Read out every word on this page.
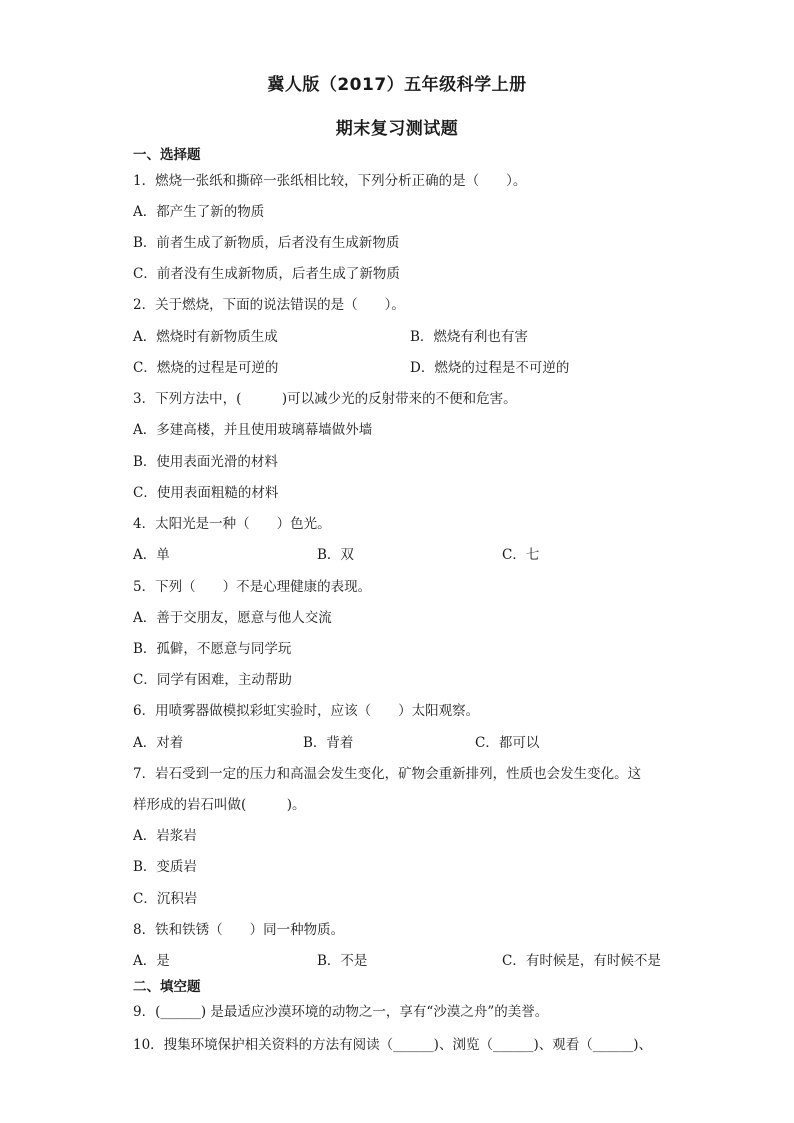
冀人版（2017）五年级科学上册
期末复习测试题
一、选择题
1．燃烧一张纸和撕碎一张纸相比较，下列分析正确的是（　　）。
A．都产生了新的物质
B．前者生成了新物质，后者没有生成新物质
C．前者没有生成新物质，后者生成了新物质
2．关于燃烧，下面的说法错误的是（　　）。
A．燃烧时有新物质生成	B．燃烧有利也有害
C．燃烧的过程是可逆的	D．燃烧的过程是不可逆的
3．下列方法中，(　　　)可以减少光的反射带来的不便和危害。
A．多建高楼，并且使用玻璃幕墙做外墙
B．使用表面光滑的材料
C．使用表面粗糙的材料
4．太阳光是一种（　　）色光。
A．单	B．双	C．七
5．下列（　　）不是心理健康的表现。
A．善于交朋友，愿意与他人交流
B．孤僻，不愿意与同学玩
C．同学有困难，主动帮助
6．用喷雾器做模拟彩虹实验时，应该（　　）太阳观察。
A．对着	B．背着	C．都可以
7．岩石受到一定的压力和高温会发生变化，矿物会重新排列，性质也会发生变化。这
样形成的岩石叫做(　　　)。
A．岩浆岩
B．变质岩
C．沉积岩
8．铁和铁锈（　　）同一种物质。
A．是	B．不是	C．有时候是，有时候不是
二、填空题
9．(______) 是最适应沙漠环境的动物之一，享有“沙漠之舟”的美誉。
10．搜集环境保护相关资料的方法有阅读（______)、浏览（______)、观看（______)、
